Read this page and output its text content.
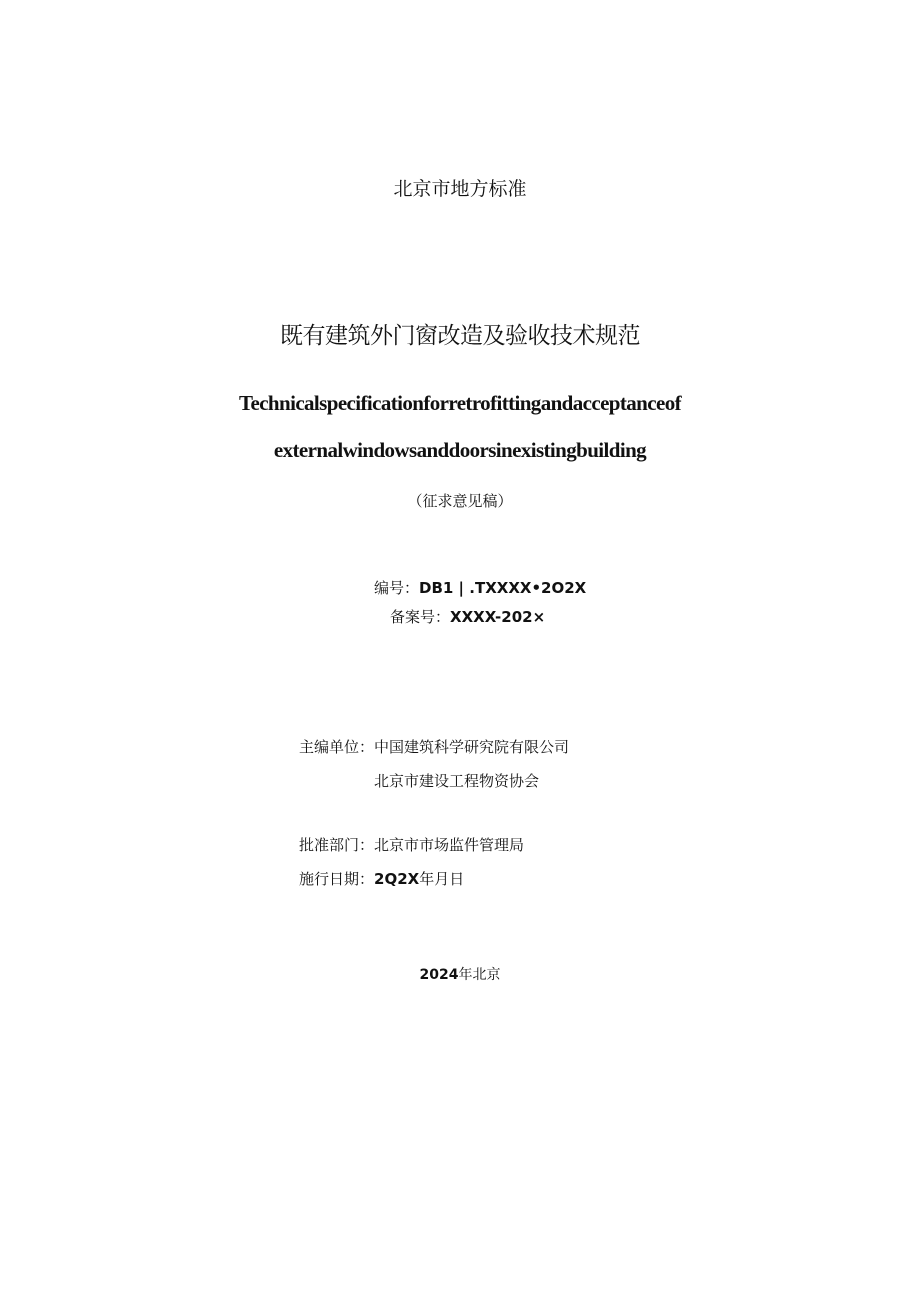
北京市地方标准
既有建筑外门窗改造及验收技术规范
Technicalspecificationforretrofittingandacceptanceof
externalwindowsanddoorsinexistingbuilding
（征求意见稿）
编号：DB1 | .TXXXX•2O2X
备案号：XXXX-202×
主编单位：中国建筑科学研究院有限公司
北京市建设工程物资协会
批准部门：北京市市场监件管理局
施行日期：2Q2X年月日
2024年北京
